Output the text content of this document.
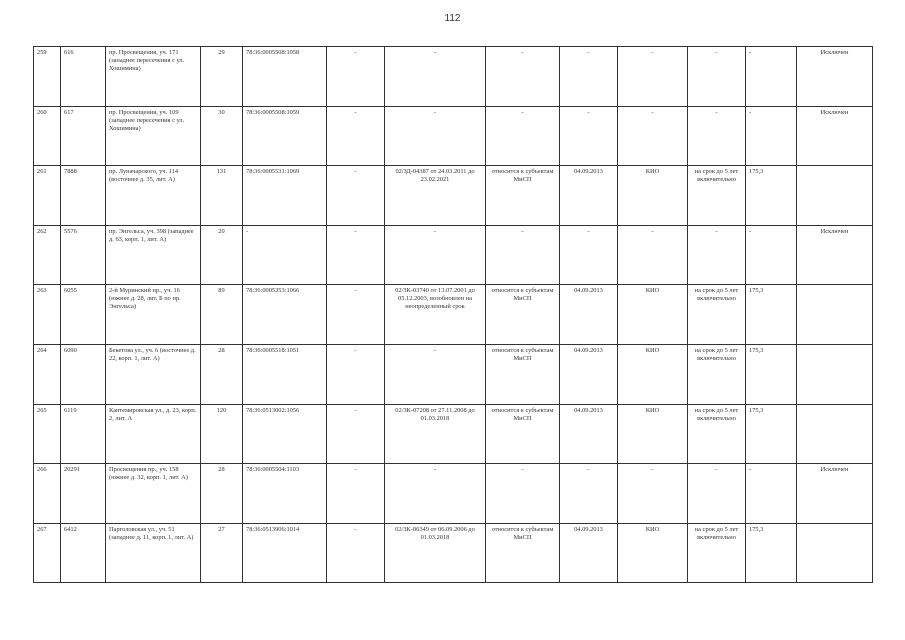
112
259	616	пр. Просвещения, уч. 171 (западнее пересечения с ул. Хошимина)	29	78:36:0005508:1058	-	-	-	-	-	-	-	Исключен
260	617	пр. Просвещения, уч. 109 (западнее пересечения с ул. Хошимина)	30	78:36:0005508:1059	-	-	-	-	-	-	-	Исключен
261	7888	пр. Луначарского, уч. 114 (восточнее д. 35, лит. А)	131	78:36:0005531:1069	-	02/ЗД-04387 от 24.03.2011 до 23.02.2021	относится к субъектам МиСП	04.09.2013	КИО	на срок до 5 лет включительно	175,3	
262	5576	пр. Энгельса, уч. 398 (западнее д. 63, корп. 1, лит. А)	20	-	-	-	-	-	-	-	-	Исключен
263	6055	2-й Муринский пр., уч. 16 (южнее д. 28, лит. Б по пр. Энгельса)	89	78:36:0005353:1066	-	02/ЗК-03740 от 13.07.2001 до 05.12.2003, возобновлен на неопределенный срок	относится к субъектам МиСП	04.09.2013	КИО	на срок до 5 лет включительно	175,3	
264	6090	Бекетова ул., уч. 6 (восточнее д. 22, корп. 1, лит. А)	28	78:36:0005518:1051	-	-	относится к субъектам МиСП	04.09.2013	КИО	на срок до 5 лет включительно	175,3	
265	6119	Кантемировская ул., д. 23, корп. 2, лит. А	120	78:36:0513002:1056	-	02/ЗК-07208 от 27.11.2008 до 01.03.2018	относится к субъектам МиСП	04.09.2013	КИО	на срок до 5 лет включительно	175,3	
266	20291	Просвещения пр., уч. 158 (южнее д. 32, корп. 1, лит. А)	28	78:36:0005504:1103	-	-	-	-	-	-	-	Исключен
267	6412	Парголовская ул., уч. 51 (западнее д. 11, корп. 1, лит. А)	27	78:36:0513906:1014	-	02/ЗК-06349 от 06.09.2006 до 01.03.2018	относится к субъектам МиСП	04.09.2013	КИО	на срок до 5 лет включительно	175,3	
